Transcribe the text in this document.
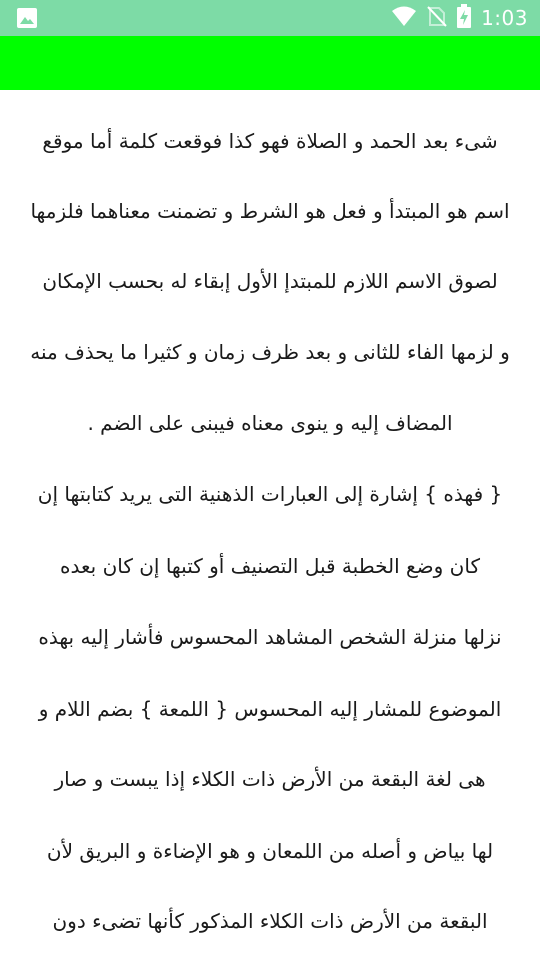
1:03
شىء بعد الحمد و الصلاة فهو كذا فوقعت كلمة أما موقع
اسم هو المبتدأ و فعل هو الشرط و تضمنت معناهما فلزمها
لصوق الاسم اللازم للمبتدإ الأول إبقاء له بحسب الإمكان
و لزمها الفاء للثانى و بعد ظرف زمان و كثيرا ما يحذف منه
المضاف إليه و ينوى معناه فيبنى على الضم .
{ فهذه } إشارة إلى العبارات الذهنية التى يريد كتابتها إن
كان وضع الخطبة قبل التصنيف أو كتبها إن كان بعده
نزلها منزلة الشخص المشاهد المحسوس فأشار إليه بهذه
الموضوع للمشار إليه المحسوس { اللمعة } بضم اللام و
هى لغة البقعة من الأرض ذات الكلاء إذا يبست و صار
لها بياض و أصله من اللمعان و هو الإضاءة و البريق لأن
البقعة من الأرض ذات الكلاء المذكور كأنها تضىء دون
